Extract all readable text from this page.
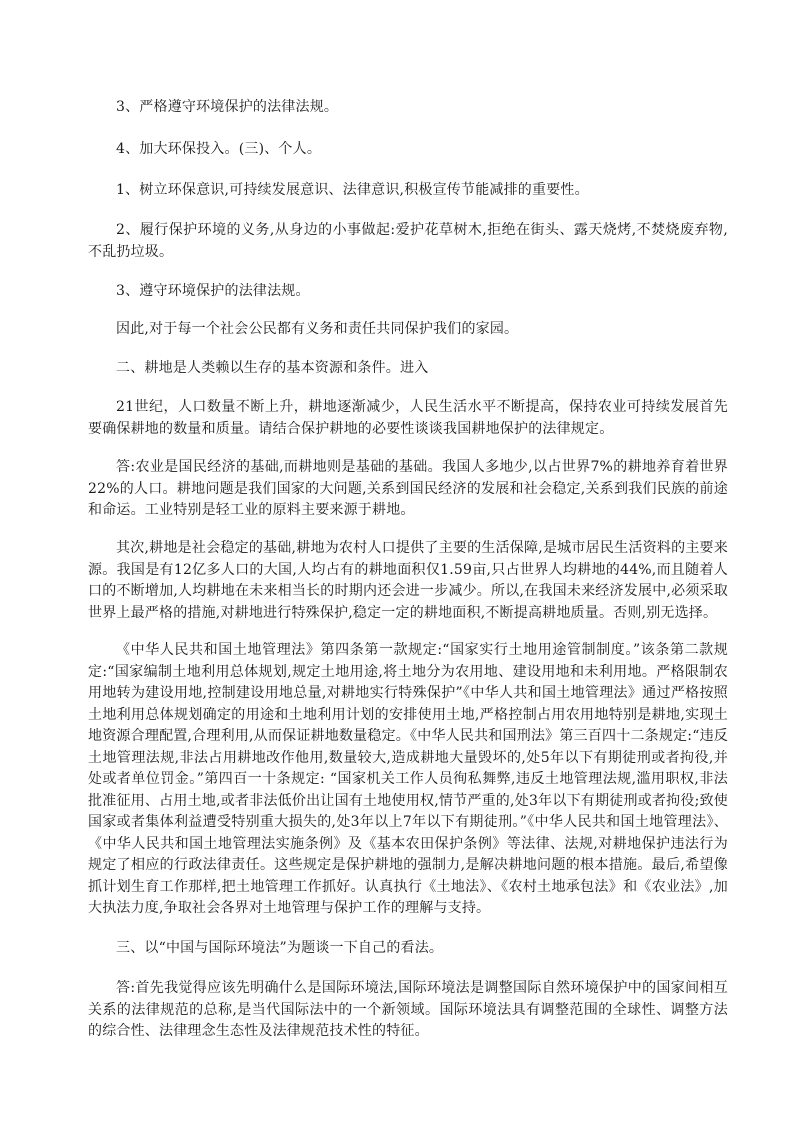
3、严格遵守环境保护的法律法规。

4、加大环保投入。(三)、个人。

1、树立环保意识,可持续发展意识、法律意识,积极宣传节能减排的重要性。

2、履行保护环境的义务,从身边的小事做起:爱护花草树木,拒绝在街头、露天烧烤,不焚烧废弃物,不乱扔垃圾。

3、遵守环境保护的法律法规。

因此,对于每一个社会公民都有义务和责任共同保护我们的家园。

二、耕地是人类赖以生存的基本资源和条件。进入

21世纪，人口数量不断上升，耕地逐渐减少，人民生活水平不断提高，保持农业可持续发展首先要确保耕地的数量和质量。请结合保护耕地的必要性谈谈我国耕地保护的法律规定。

答:农业是国民经济的基础,而耕地则是基础的基础。我国人多地少,以占世界7%的耕地养育着世界22%的人口。耕地问题是我们国家的大问题,关系到国民经济的发展和社会稳定,关系到我们民族的前途和命运。工业特别是轻工业的原料主要来源于耕地。

其次,耕地是社会稳定的基础,耕地为农村人口提供了主要的生活保障,是城市居民生活资料的主要来源。我国是有12亿多人口的大国,人均占有的耕地面积仅1.59亩,只占世界人均耕地的44%,而且随着人口的不断增加,人均耕地在未来相当长的时期内还会进一步减少。所以,在我国未来经济发展中,必须采取世界上最严格的措施,对耕地进行特殊保护,稳定一定的耕地面积,不断提高耕地质量。否则,别无选择。

《中华人民共和国土地管理法》第四条第一款规定:“国家实行土地用途管制制度。”该条第二款规定:“国家编制土地利用总体规划,规定土地用途,将土地分为农用地、建设用地和未利用地。严格限制农用地转为建设用地,控制建设用地总量,对耕地实行特殊保护”《中华人共和国土地管理法》通过严格按照土地利用总体规划确定的用途和土地利用计划的安排使用土地,严格控制占用农用地特别是耕地,实现土地资源合理配置,合理利用,从而保证耕地数量稳定。《中华人民共和国刑法》第三百四十二条规定:“违反土地管理法规,非法占用耕地改作他用,数量较大,造成耕地大量毁坏的,处5年以下有期徒刑或者拘役,并处或者单位罚金。”第四百一十条规定: “国家机关工作人员徇私舞弊,违反土地管理法规,滥用职权,非法批准征用、占用土地,或者非法低价出让国有土地使用权,情节严重的,处3年以下有期徒刑或者拘役;致使国家或者集体利益遭受特别重大损失的,处3年以上7年以下有期徒刑。”《中华人民共和国土地管理法》、《中华人民共和国土地管理法实施条例》及《基本农田保护条例》等法律、法规,对耕地保护违法行为规定了相应的行政法律责任。这些规定是保护耕地的强制力,是解决耕地问题的根本措施。最后,希望像抓计划生育工作那样,把土地管理工作抓好。认真执行《土地法》、《农村土地承包法》和《农业法》,加大执法力度,争取社会各界对土地管理与保护工作的理解与支持。

三、以“中国与国际环境法”为题谈一下自己的看法。

答:首先我觉得应该先明确什么是国际环境法,国际环境法是调整国际自然环境保护中的国家间相互关系的法律规范的总称,是当代国际法中的一个新领域。国际环境法具有调整范围的全球性、调整方法的综合性、法律理念生态性及法律规范技术性的特征。
